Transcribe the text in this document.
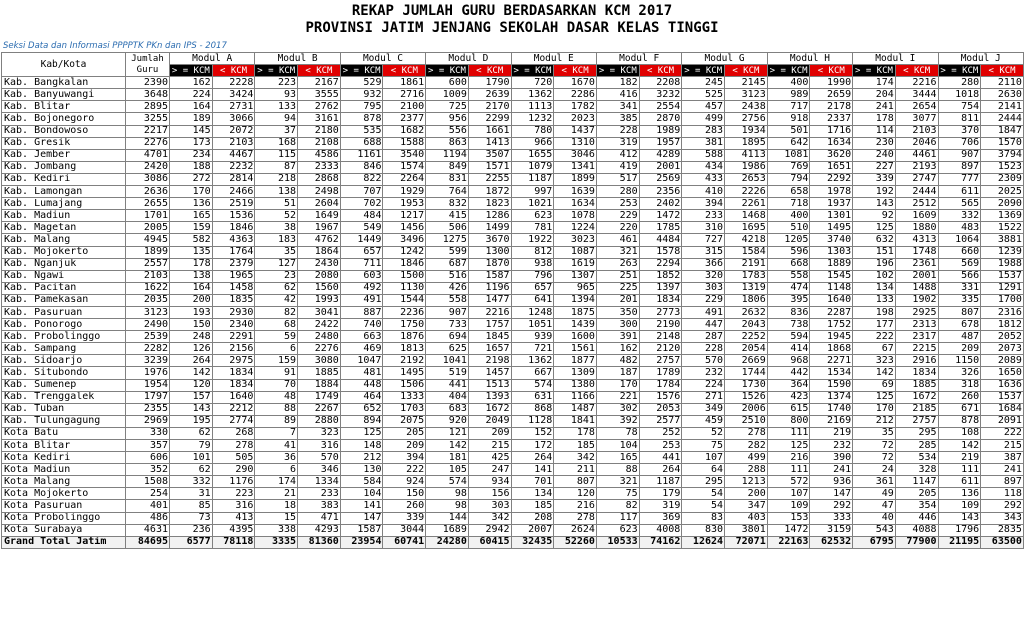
REKAP JUMLAH GURU BERDASARKAN KCM 2017
PROVINSI JATIM JENJANG SEKOLAH DASAR KELAS TINGGI
Seksi Data dan Informasi PPPPTK PKn dan IPS - 2017
Kab/Kota	Jumlah Guru	Modul A		Modul B		Modul C		Modul D		Modul E		Modul F		Modul G		Modul H		Modul I		Modul J	
		> = KCM	< KCM	> = KCM	< KCM	> = KCM	< KCM	> = KCM	< KCM	> = KCM	< KCM	> = KCM	< KCM	> = KCM	< KCM	> = KCM	< KCM	> = KCM	< KCM	> = KCM	< KCM
Kab. Bangkalan	2390	162	2228	223	2167	529	1861	600	1790	720	1670	182	2208	245	2145	400	1990	174	2216	280	2110
Kab. Banyuwangi	3648	224	3424	93	3555	932	2716	1009	2639	1362	2286	416	3232	525	3123	989	2659	204	3444	1018	2630
Kab. Blitar	2895	164	2731	133	2762	795	2100	725	2170	1113	1782	341	2554	457	2438	717	2178	241	2654	754	2141
Kab. Bojonegoro	3255	189	3066	94	3161	878	2377	956	2299	1232	2023	385	2870	499	2756	918	2337	178	3077	811	2444
Kab. Bondowoso	2217	145	2072	37	2180	535	1682	556	1661	780	1437	228	1989	283	1934	501	1716	114	2103	370	1847
Kab. Gresik	2276	173	2103	168	2108	688	1588	863	1413	966	1310	319	1957	381	1895	642	1634	230	2046	706	1570
Kab. Jember	4701	234	4467	115	4586	1161	3540	1194	3507	1655	3046	412	4289	588	4113	1081	3620	240	4461	907	3794
Kab. Jombang	2420	188	2232	87	2333	846	1574	849	1571	1079	1341	419	2001	434	1986	769	1651	227	2193	897	1523
Kab. Kediri	3086	272	2814	218	2868	822	2264	831	2255	1187	1899	517	2569	433	2653	794	2292	339	2747	777	2309
Kab. Lamongan	2636	170	2466	138	2498	707	1929	764	1872	997	1639	280	2356	410	2226	658	1978	192	2444	611	2025
Kab. Lumajang	2655	136	2519	51	2604	702	1953	832	1823	1021	1634	253	2402	394	2261	718	1937	143	2512	565	2090
Kab. Madiun	1701	165	1536	52	1649	484	1217	415	1286	623	1078	229	1472	233	1468	400	1301	92	1609	332	1369
Kab. Magetan	2005	159	1846	38	1967	549	1456	506	1499	781	1224	220	1785	310	1695	510	1495	125	1880	483	1522
Kab. Malang	4945	582	4363	183	4762	1449	3496	1275	3670	1922	3023	461	4484	727	4218	1205	3740	632	4313	1064	3881
Kab. Mojokerto	1899	135	1764	35	1864	657	1242	599	1300	812	1087	321	1578	315	1584	596	1303	151	1748	660	1239
Kab. Nganjuk	2557	178	2379	127	2430	711	1846	687	1870	938	1619	263	2294	366	2191	668	1889	196	2361	569	1988
Kab. Ngawi	2103	138	1965	23	2080	603	1500	516	1587	796	1307	251	1852	320	1783	558	1545	102	2001	566	1537
Kab. Pacitan	1622	164	1458	62	1560	492	1130	426	1196	657	965	225	1397	303	1319	474	1148	134	1488	331	1291
Kab. Pamekasan	2035	200	1835	42	1993	491	1544	558	1477	641	1394	201	1834	229	1806	395	1640	133	1902	335	1700
Kab. Pasuruan	3123	193	2930	82	3041	887	2236	907	2216	1248	1875	350	2773	491	2632	836	2287	198	2925	807	2316
Kab. Ponorogo	2490	150	2340	68	2422	740	1750	733	1757	1051	1439	300	2190	447	2043	738	1752	177	2313	678	1812
Kab. Probolinggo	2539	248	2291	59	2480	663	1876	694	1845	939	1600	391	2148	287	2252	594	1945	222	2317	487	2052
Kab. Sampang	2282	126	2156	6	2276	469	1813	625	1657	721	1561	162	2120	228	2054	414	1868	67	2215	209	2073
Kab. Sidoarjo	3239	264	2975	159	3080	1047	2192	1041	2198	1362	1877	482	2757	570	2669	968	2271	323	2916	1150	2089
Kab. Situbondo	1976	142	1834	91	1885	481	1495	519	1457	667	1309	187	1789	232	1744	442	1534	142	1834	326	1650
Kab. Sumenep	1954	120	1834	70	1884	448	1506	441	1513	574	1380	170	1784	224	1730	364	1590	69	1885	318	1636
Kab. Trenggalek	1797	157	1640	48	1749	464	1333	404	1393	631	1166	221	1576	271	1526	423	1374	125	1672	260	1537
Kab. Tuban	2355	143	2212	88	2267	652	1703	683	1672	868	1487	302	2053	349	2006	615	1740	170	2185	671	1684
Kab. Tulungagung	2969	195	2774	89	2880	894	2075	920	2049	1128	1841	392	2577	459	2510	800	2169	212	2757	878	2091
Kota Batu	330	62	268	7	323	125	205	121	209	152	178	78	252	52	278	111	219	35	295	108	222
Kota Blitar	357	79	278	41	316	148	209	142	215	172	185	104	253	75	282	125	232	72	285	142	215
Kota Kediri	606	101	505	36	570	212	394	181	425	264	342	165	441	107	499	216	390	72	534	219	387
Kota Madiun	352	62	290	6	346	130	222	105	247	141	211	88	264	64	288	111	241	24	328	111	241
Kota Malang	1508	332	1176	174	1334	584	924	574	934	701	807	321	1187	295	1213	572	936	361	1147	611	897
Kota Mojokerto	254	31	223	21	233	104	150	98	156	134	120	75	179	54	200	107	147	49	205	136	118
Kota Pasuruan	401	85	316	18	383	141	260	98	303	185	216	82	319	54	347	109	292	47	354	109	292
Kota Probolinggo	486	73	413	15	471	147	339	144	342	208	278	117	369	83	403	153	333	40	446	143	343
Kota Surabaya	4631	236	4395	338	4293	1587	3044	1689	2942	2007	2624	623	4008	830	3801	1472	3159	543	4088	1796	2835
Grand Total Jatim	84695	6577	78118	3335	81360	23954	60741	24280	60415	32435	52260	10533	74162	12624	72071	22163	62532	6795	77900	21195	63500
